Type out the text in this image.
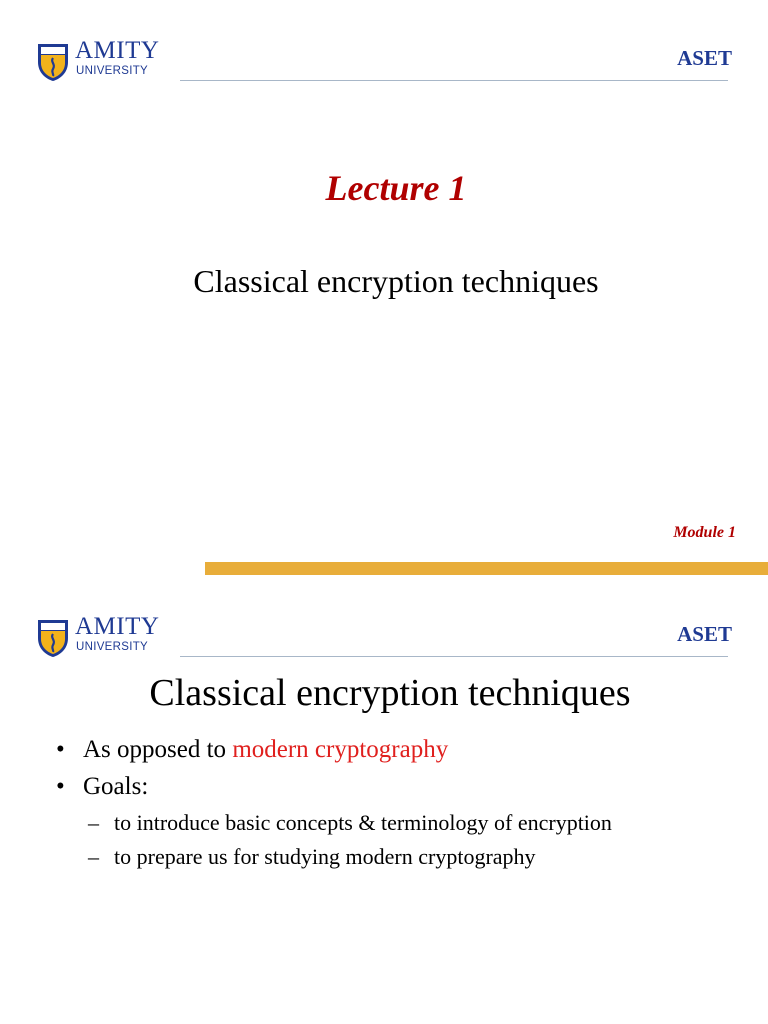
AMITY
UNIVERSITY
ASET
Lecture 1
Classical encryption techniques
Module 1
AMITY
UNIVERSITY
ASET
Classical encryption techniques
• As opposed to modern cryptography
• Goals:
– to introduce basic concepts & terminology of encryption
– to prepare us for studying modern cryptography
